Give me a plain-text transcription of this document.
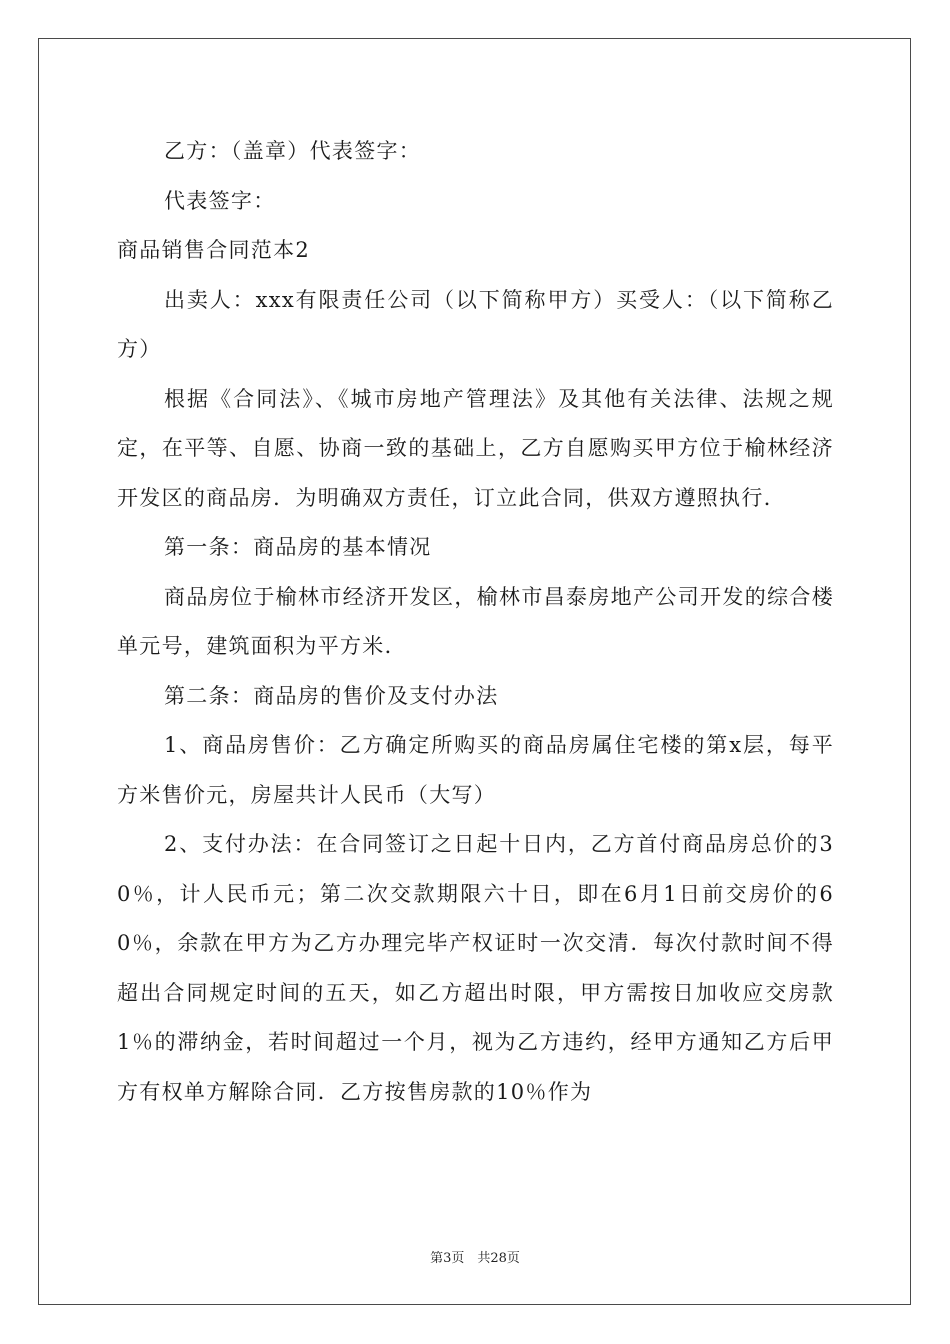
乙方：（盖章）代表签字：

代表签字：

商品销售合同范本2

出卖人：xxx有限责任公司（以下简称甲方）买受人：（以下简称乙方）

根据《合同法》、《城市房地产管理法》及其他有关法律、法规之规定，在平等、自愿、协商一致的基础上，乙方自愿购买甲方位于榆林经济开发区的商品房．为明确双方责任，订立此合同，供双方遵照执行．

第一条：商品房的基本情况

商品房位于榆林市经济开发区，榆林市昌泰房地产公司开发的综合楼单元号，建筑面积为平方米．

第二条：商品房的售价及支付办法

1、商品房售价：乙方确定所购买的商品房属住宅楼的第x层，每平方米售价元，房屋共计人民币（大写）

2、支付办法：在合同签订之日起十日内，乙方首付商品房总价的30％，计人民币元；第二次交款期限六十日，即在6月1日前交房价的60％，余款在甲方为乙方办理完毕产权证时一次交清．每次付款时间不得超出合同规定时间的五天，如乙方超出时限，甲方需按日加收应交房款1％的滞纳金，若时间超过一个月，视为乙方违约，经甲方通知乙方后甲方有权单方解除合同．乙方按售房款的10％作为

第3页　共28页
